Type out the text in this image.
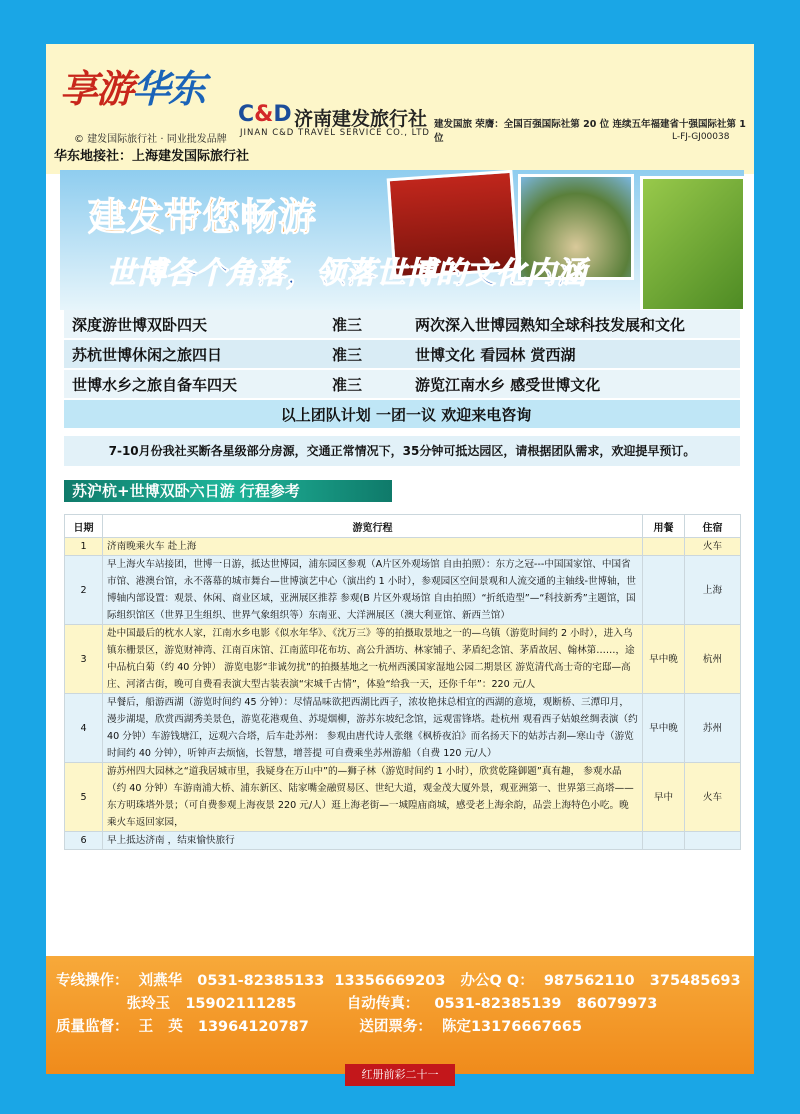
享游华东
© 建发国际旅行社 · 同业批发品牌
C&D 济南建发旅行社
JINAN C&D TRAVEL SERVICE CO., LTD
建发国旅 荣膺：全国百强国际社第 20 位 连续五年福建省十强国际社第 1 位	L-FJ-GJ00038
华东地接社：上海建发国际旅行社
建发带您畅游
世博各个角落，领落世博的文化内涵
深度游世博双卧四天	准三	两次深入世博园熟知全球科技发展和文化
苏杭世博休闲之旅四日	准三	世博文化 看园林 赏西湖
世博水乡之旅自备车四天	准三	游览江南水乡 感受世博文化
以上团队计划 一团一议 欢迎来电咨询		
7-10月份我社买断各星级部分房源，交通正常情况下，35分钟可抵达园区，请根据团队需求，欢迎提早预订。
苏沪杭+世博双卧六日游 行程参考
日期	游览行程	用餐	住宿
1	济南晚乘火车 赴上海		火车
2	早上海火车站接团，世博一日游，抵达世博园，浦东园区参观（A片区外观场馆 自由拍照）：东方之冠---中国国家馆、中国省市馆、港澳台馆，永不落幕的城市舞台—世博演艺中心（演出约 1 小时），参观园区空间景观和人流交通的主轴线-世博轴，世博轴内部设置：观景、休闲、商业区域，亚洲展区推荐 参观(B 片区外观场馆 自由拍照）“折纸造型”—“科技新秀”主题馆，国际组织馆区（世界卫生组织、世界气象组织等）东南亚、大洋洲展区（澳大利亚馆、新西兰馆）		上海
3	赴中国最后的枕水人家，江南水乡电影《似水年华》、《沈万三》等的拍摄取景地之一的—乌镇（游览时间约 2 小时），进入乌镇东栅景区，游览财神湾、江南百床馆、江南蓝印花布坊、高公升酒坊、林家铺子、茅盾纪念馆、茅盾故居、翰林第……，途中品杭白菊（约 40 分钟） 游览电影“非诚勿扰”的拍摄基地之一杭州西溪国家湿地公园二期景区 游览清代高士奇的宅邸—高庄、河渚古街，晚可自费看表演大型古装表演“宋城千古情”，体验“给我一天，还你千年”：220 元/人	早中晚	杭州
4	早餐后，船游西湖（游览时间约 45 分钟）：尽情品味欲把西湖比西子，浓妆艳抹总相宜的西湖的意境，观断桥、三潭印月，漫步湖堤，欣赏西湖秀美景色，游览花港观鱼、苏堤烟柳，游苏东坡纪念馆，远观雷锋塔。赴杭州 观看西子姑娘丝绸表演（约 40 分钟）车游钱塘江，远观六合塔，后车赴苏州： 参观由唐代诗人张继《枫桥夜泊》而名扬天下的姑苏古刹—寒山寺（游览时间约 40 分钟），听钟声去烦恼，长智慧，增菩提 可自费乘坐苏州游船（自费 120 元/人）	早中晚	苏州
5	游苏州四大园林之“道我居城市里，我疑身在万山中”的—狮子林（游览时间约 1 小时），欣赏乾隆御题”真有趣， 参观水晶（约 40 分钟）车游南浦大桥、浦东新区、陆家嘴金融贸易区、世纪大道，观金茂大厦外景，观亚洲第一、世界第三高塔——东方明珠塔外景；（可自费参观上海夜景 220 元/人）逛上海老街—一城隍庙商城，感受老上海余韵，品尝上海特色小吃。晚乘火车返回家园，	早中	火车
6	早上抵达济南 ，结束愉快旅行		
专线操作：  刘燕华   0531-82385133  13356669203   办公Q Q：  987562110   375485693
张玲玉   15902111285          自动传真：   0531-82385139   86079973
质量监督：  王   英   13964120787          送团票务：  陈定13176667665
红册前彩二十一
